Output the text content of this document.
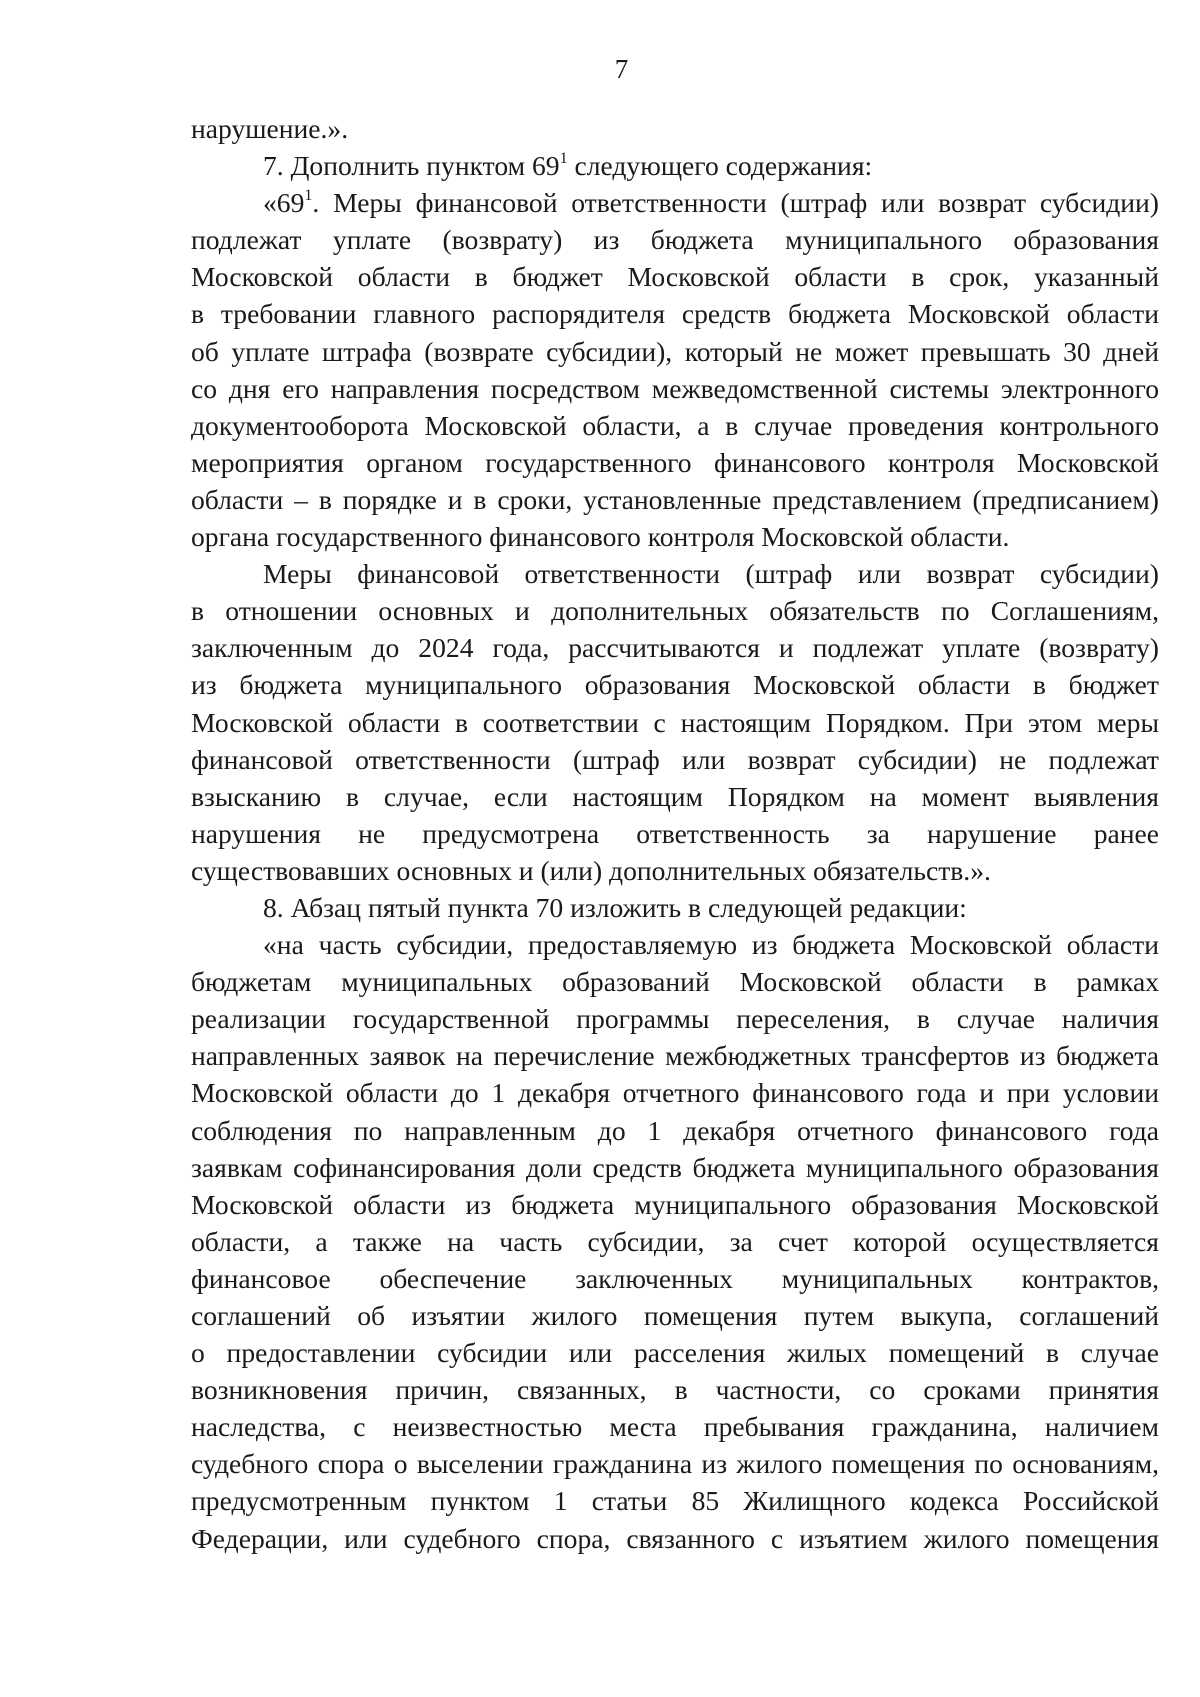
7
нарушение.».
7. Дополнить пунктом $69^1$ следующего содержания:
«$69^1$. Меры финансовой ответственности (штраф или возврат субсидии)
подлежат уплате (возврату) из бюджета муниципального образования
Московской области в бюджет Московской области в срок, указанный
в требовании главного распорядителя средств бюджета Московской области
об уплате штрафа (возврате субсидии), который не может превышать 30 дней
со дня его направления посредством межведомственной системы электронного
документооборота Московской области, а в случае проведения контрольного
мероприятия органом государственного финансового контроля Московской
области – в порядке и в сроки, установленные представлением (предписанием)
органа государственного финансового контроля Московской области.
Меры финансовой ответственности (штраф или возврат субсидии)
в отношении основных и дополнительных обязательств по Соглашениям,
заключенным до 2024 года, рассчитываются и подлежат уплате (возврату)
из бюджета муниципального образования Московской области в бюджет
Московской области в соответствии с настоящим Порядком. При этом меры
финансовой ответственности (штраф или возврат субсидии) не подлежат
взысканию в случае, если настоящим Порядком на момент выявления
нарушения не предусмотрена ответственность за нарушение ранее
существовавших основных и (или) дополнительных обязательств.».
8. Абзац пятый пункта 70 изложить в следующей редакции:
«на часть субсидии, предоставляемую из бюджета Московской области
бюджетам муниципальных образований Московской области в рамках
реализации государственной программы переселения, в случае наличия
направленных заявок на перечисление межбюджетных трансфертов из бюджета
Московской области до 1 декабря отчетного финансового года и при условии
соблюдения по направленным до 1 декабря отчетного финансового года
заявкам софинансирования доли средств бюджета муниципального образования
Московской области из бюджета муниципального образования Московской
области, а также на часть субсидии, за счет которой осуществляется
финансовое обеспечение заключенных муниципальных контрактов,
соглашений об изъятии жилого помещения путем выкупа, соглашений
о предоставлении субсидии или расселения жилых помещений в случае
возникновения причин, связанных, в частности, со сроками принятия
наследства, с неизвестностью места пребывания гражданина, наличием
судебного спора о выселении гражданина из жилого помещения по основаниям,
предусмотренным пунктом 1 статьи 85 Жилищного кодекса Российской
Федерации, или судебного спора, связанного с изъятием жилого помещения
